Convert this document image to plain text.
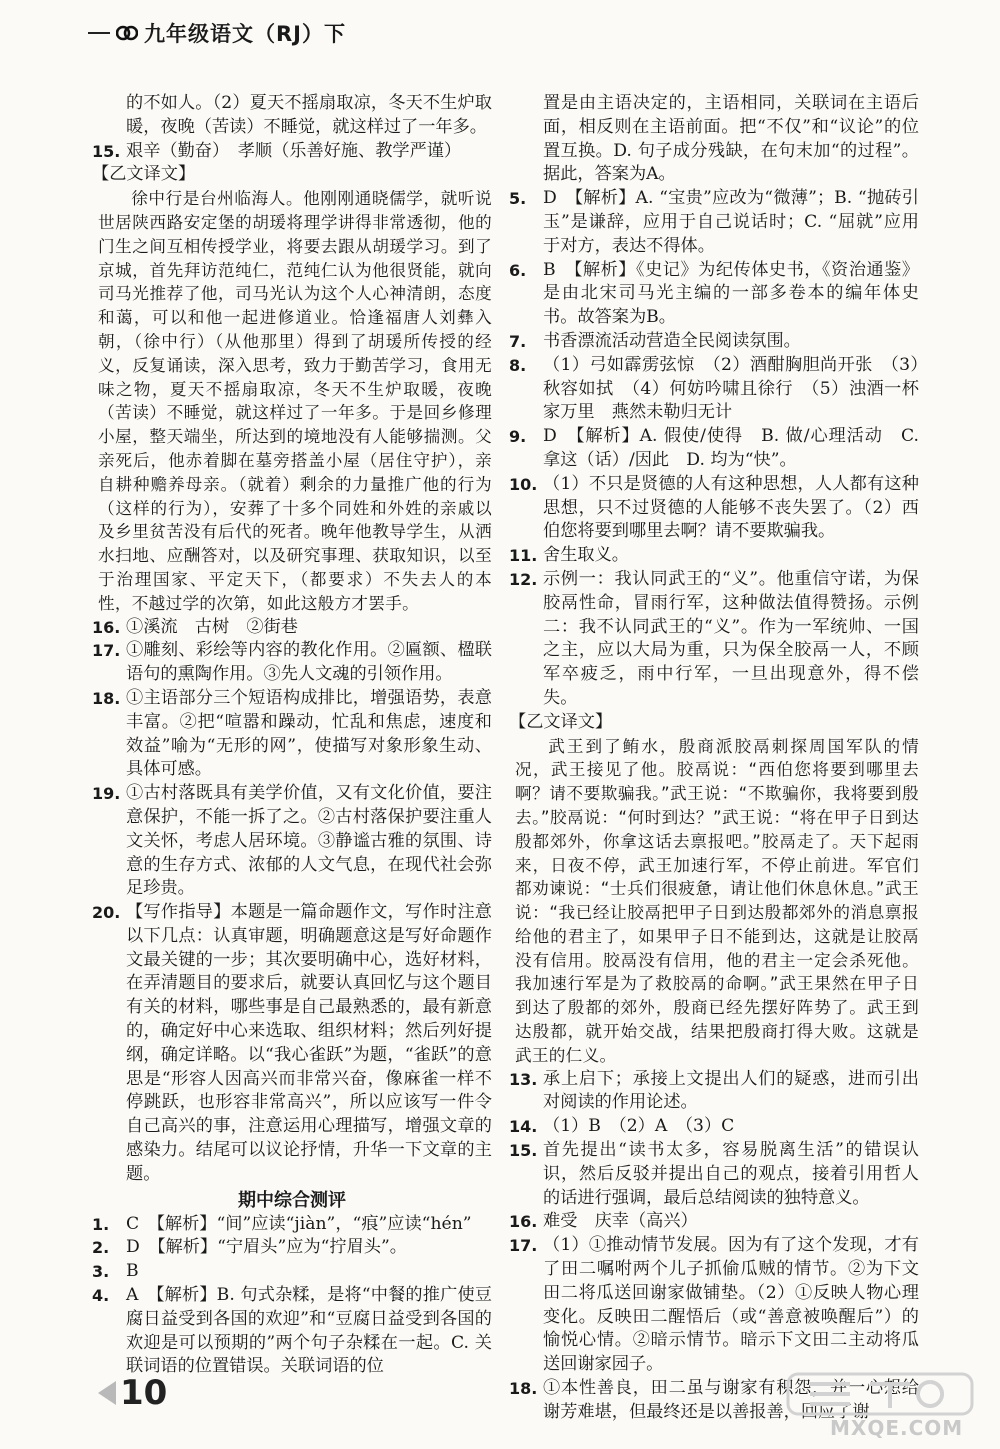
九年级语文（RJ）下

的不如人。（2）夏天不摇扇取凉，冬天不生炉取暖，夜晚（苦读）不睡觉，就这样过了一年多。

15. 艰辛（勤奋）　孝顺（乐善好施、教学严谨）

【乙文译文】

徐中行是台州临海人。他刚刚通晓儒学，就听说世居陕西路安定堡的胡瑗将理学讲得非常透彻，他的门生之间互相传授学业，将要去跟从胡瑗学习。到了京城，首先拜访范纯仁，范纯仁认为他很贤能，就向司马光推荐了他，司马光认为这个人心神清朗，态度和蔼，可以和他一起进修道业。恰逢福唐人刘彝入朝，（徐中行）（从他那里）得到了胡瑗所传授的经义，反复诵读，深入思考，致力于勤苦学习，食用无味之物，夏天不摇扇取凉，冬天不生炉取暖，夜晚（苦读）不睡觉，就这样过了一年多。于是回乡修理小屋，整天端坐，所达到的境地没有人能够揣测。父亲死后，他赤着脚在墓旁搭盖小屋（居住守护），亲自耕种赡养母亲。（就着）剩余的力量推广他的行为（这样的行为），安葬了十多个同姓和外姓的亲戚以及乡里贫苦没有后代的死者。晚年他教导学生，从洒水扫地、应酬答对，以及研究事理、获取知识，以至于治理国家、平定天下，（都要求）不失去人的本性，不越过学的次第，如此这般方才罢手。

16. ①溪流　古树　②街巷

17. ①雕刻、彩绘等内容的教化作用。②匾额、楹联语句的熏陶作用。③先人文魂的引领作用。

18. ①主语部分三个短语构成排比，增强语势，表意丰富。②把“喧嚣和躁动，忙乱和焦虑，速度和效益”喻为“无形的网”，使描写对象形象生动、具体可感。

19. ①古村落既具有美学价值，又有文化价值，要注意保护，不能一拆了之。②古村落保护要注重人文关怀，考虑人居环境。③静谧古雅的氛围、诗意的生存方式、浓郁的人文气息，在现代社会弥足珍贵。

20. 【写作指导】本题是一篇命题作文，写作时注意以下几点：认真审题，明确题意这是写好命题作文最关键的一步；其次要明确中心，选好材料，在弄清题目的要求后，就要认真回忆与这个题目有关的材料，哪些事是自己最熟悉的，最有新意的，确定好中心来选取、组织材料；然后列好提纲，确定详略。以“我心雀跃”为题，“雀跃”的意思是“形容人因高兴而非常兴奋，像麻雀一样不停跳跃，也形容非常高兴”，所以应该写一件令自己高兴的事，注意运用心理描写，增强文章的感染力。结尾可以议论抒情，升华一下文章的主题。

期中综合测评

1. C　【解析】“间”应读“jiàn”，“痕”应读“hén”

2. D　【解析】“宁眉头”应为“拧眉头”。

3. B

4. A　【解析】B. 句式杂糅，是将“中餐的推广使豆腐日益受到各国的欢迎”和“豆腐日益受到各国的欢迎是可以预期的”两个句子杂糅在一起。C. 关联词语的位置错误。关联词语的位

置是由主语决定的，主语相同，关联词在主语后面，相反则在主语前面。把“不仅”和“议论”的位置互换。D. 句子成分残缺，在句末加“的过程”。据此，答案为A。

5. D　【解析】A. “宝贵”应改为“微薄”；B. “抛砖引玉”是谦辞，应用于自己说话时；C. “屈就”应用于对方，表达不得体。

6. B　【解析】《史记》为纪传体史书，《资治通鉴》是由北宋司马光主编的一部多卷本的编年体史书。故答案为B。

7. 书香漂流活动营造全民阅读氛围。

8. （1）弓如霹雳弦惊　（2）酒酣胸胆尚开张　（3）秋容如拭　（4）何妨吟啸且徐行　（5）浊酒一杯家万里　燕然未勒归无计

9. D　【解析】A. 假使/使得　B. 做/心理活动　C. 拿这（话）/因此　D. 均为“快”。

10. （1）不只是贤德的人有这种思想，人人都有这种思想，只不过贤德的人能够不丧失罢了。（2）西伯您将要到哪里去啊？请不要欺骗我。

11. 舍生取义。

12. 示例一：我认同武王的“义”。他重信守诺，为保胶鬲性命，冒雨行军，这种做法值得赞扬。示例二：我不认同武王的“义”。作为一军统帅、一国之主，应以大局为重，只为保全胶鬲一人，不顾军卒疲乏，雨中行军，一旦出现意外，得不偿失。

【乙文译文】

武王到了鲔水，殷商派胶鬲刺探周国军队的情况，武王接见了他。胶鬲说：“西伯您将要到哪里去啊？请不要欺骗我。”武王说：“不欺骗你，我将要到殷去。”胶鬲说：“何时到达？”武王说：“将在甲子日到达殷都郊外，你拿这话去禀报吧。”胶鬲走了。天下起雨来，日夜不停，武王加速行军，不停止前进。军官们都劝谏说：“士兵们很疲惫，请让他们休息休息。”武王说：“我已经让胶鬲把甲子日到达殷都郊外的消息禀报给他的君主了，如果甲子日不能到达，这就是让胶鬲没有信用。胶鬲没有信用，他的君主一定会杀死他。我加速行军是为了救胶鬲的命啊。”武王果然在甲子日到达了殷都的郊外，殷商已经先摆好阵势了。武王到达殷都，就开始交战，结果把殷商打得大败。这就是武王的仁义。

13. 承上启下；承接上文提出人们的疑惑，进而引出对阅读的作用论述。

14. （1）B　（2）A　（3）C

15. 首先提出“读书太多，容易脱离生活”的错误认识，然后反驳并提出自己的观点，接着引用哲人的话进行强调，最后总结阅读的独特意义。

16. 难受　庆幸（高兴）

17. （1）①推动情节发展。因为有了这个发现，才有了田二嘱咐两个儿子抓偷瓜贼的情节。②为下文田二将瓜送回谢家做铺垫。（2）①反映人物心理变化。反映田二醒悟后（或“善意被唤醒后”）的愉悦心情。②暗示情节。暗示下文田二主动将瓜送回谢家园子。

18. ①本性善良，田二虽与谢家有积怨，并一心想给谢芳难堪，但最终还是以善报善，回应了谢

10
MXQE.COM
